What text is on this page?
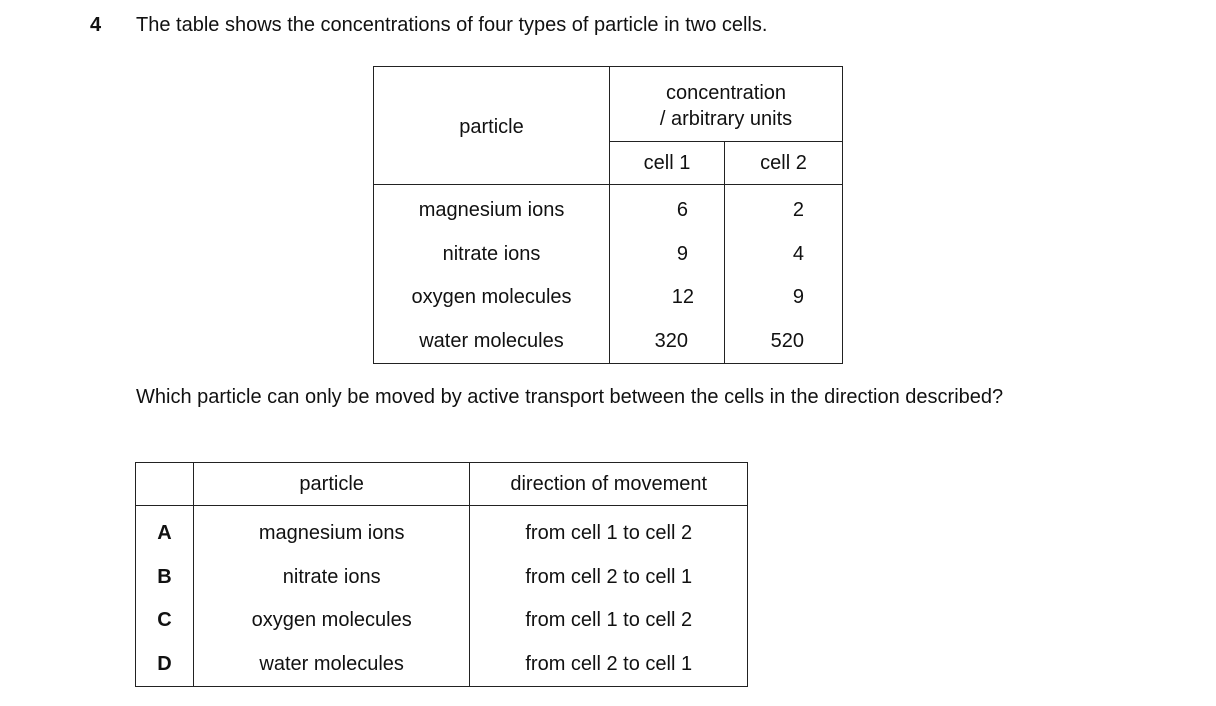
4 The table shows the concentrations of four types of particle in two cells.
particle	concentration
/ arbitrary units	

	cell 1	cell 2
magnesium ions	6	2
nitrate ions	9	4
oxygen molecules	12	9
water molecules	320	520
Which particle can only be moved by active transport between the cells in the direction described?
	particle	direction of movement
A	magnesium ions	from cell 1 to cell 2
B	nitrate ions	from cell 2 to cell 1
C	oxygen molecules	from cell 1 to cell 2
D	water molecules	from cell 2 to cell 1
